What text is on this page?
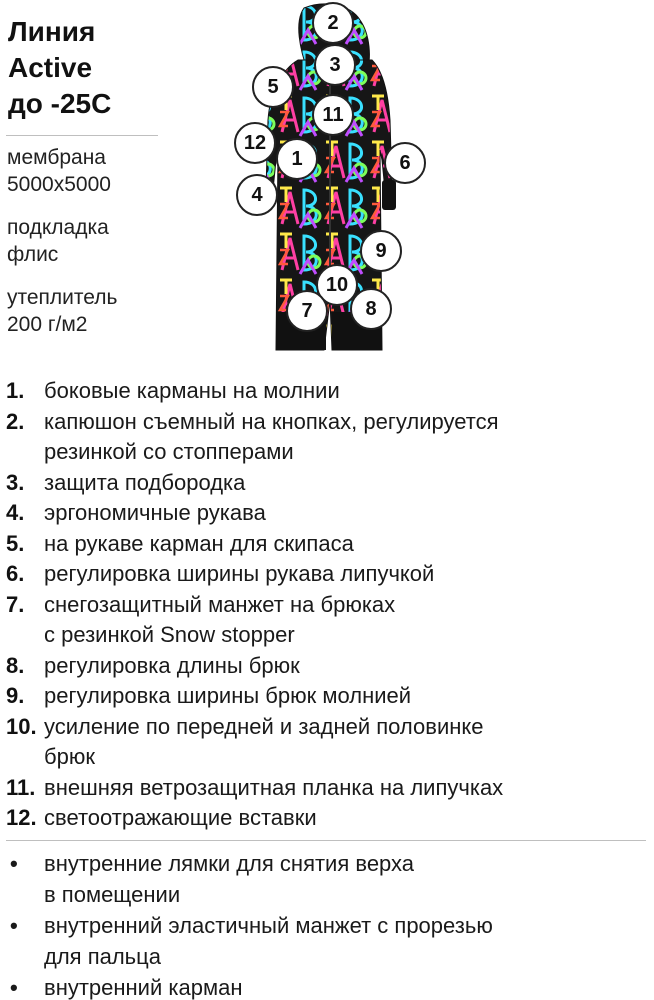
Линия
Active
до -25С
мембрана
5000х5000
подкладка
флис
утеплитель
200 г/м2
2
3
5
11
12
1	6
4
9
10
7	8
1. боковые карманы на молнии
2. капюшон съемный на кнопках, регулируется
резинкой со стопперами
3. защита подбородка
4. эргономичные рукава
5. на рукаве карман для скипаса
6. регулировка ширины рукава липучкой
7. снегозащитный манжет на брюках
с резинкой Snow stopper
8. регулировка длины брюк
9. регулировка ширины брюк молнией
10. усиление по передней и задней половинке
брюк
11. внешняя ветрозащитная планка на липучках
12. светоотражающие вставки
•	внутренние лямки для снятия верха
в помещении
•	внутренний эластичный манжет с прорезью
для пальца
•	внутренний карман
